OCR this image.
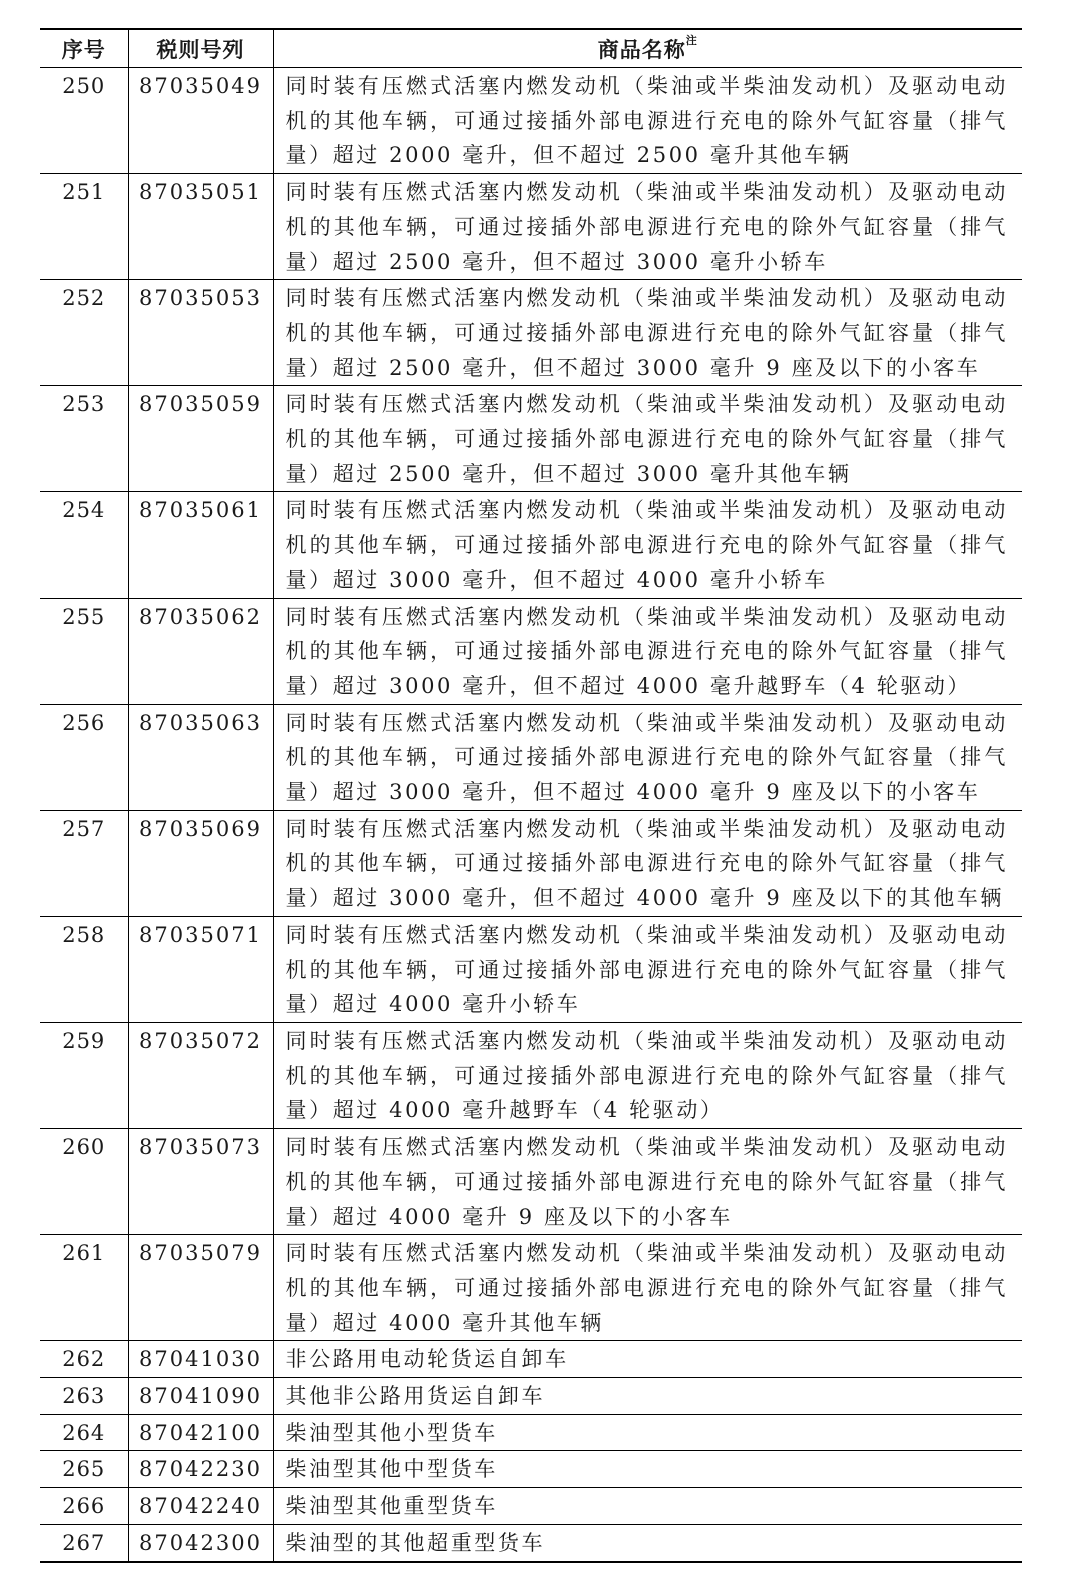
序号	税则号列	商品名称$^注$
250	87035049	同时装有压燃式活塞内燃发动机（柴油或半柴油发动机）及驱动电动机的其他车辆，可通过接插外部电源进行充电的除外气缸容量（排气量）超过 2000 毫升，但不超过 2500 毫升其他车辆
251	87035051	同时装有压燃式活塞内燃发动机（柴油或半柴油发动机）及驱动电动机的其他车辆，可通过接插外部电源进行充电的除外气缸容量（排气量）超过 2500 毫升，但不超过 3000 毫升小轿车
252	87035053	同时装有压燃式活塞内燃发动机（柴油或半柴油发动机）及驱动电动机的其他车辆，可通过接插外部电源进行充电的除外气缸容量（排气量）超过 2500 毫升，但不超过 3000 毫升 9 座及以下的小客车
253	87035059	同时装有压燃式活塞内燃发动机（柴油或半柴油发动机）及驱动电动机的其他车辆，可通过接插外部电源进行充电的除外气缸容量（排气量）超过 2500 毫升，但不超过 3000 毫升其他车辆
254	87035061	同时装有压燃式活塞内燃发动机（柴油或半柴油发动机）及驱动电动机的其他车辆，可通过接插外部电源进行充电的除外气缸容量（排气量）超过 3000 毫升，但不超过 4000 毫升小轿车
255	87035062	同时装有压燃式活塞内燃发动机（柴油或半柴油发动机）及驱动电动机的其他车辆，可通过接插外部电源进行充电的除外气缸容量（排气量）超过 3000 毫升，但不超过 4000 毫升越野车（4 轮驱动）
256	87035063	同时装有压燃式活塞内燃发动机（柴油或半柴油发动机）及驱动电动机的其他车辆，可通过接插外部电源进行充电的除外气缸容量（排气量）超过 3000 毫升，但不超过 4000 毫升 9 座及以下的小客车
257	87035069	同时装有压燃式活塞内燃发动机（柴油或半柴油发动机）及驱动电动机的其他车辆，可通过接插外部电源进行充电的除外气缸容量（排气量）超过 3000 毫升，但不超过 4000 毫升 9 座及以下的其他车辆
258	87035071	同时装有压燃式活塞内燃发动机（柴油或半柴油发动机）及驱动电动机的其他车辆，可通过接插外部电源进行充电的除外气缸容量（排气量）超过 4000 毫升小轿车
259	87035072	同时装有压燃式活塞内燃发动机（柴油或半柴油发动机）及驱动电动机的其他车辆，可通过接插外部电源进行充电的除外气缸容量（排气量）超过 4000 毫升越野车（4 轮驱动）
260	87035073	同时装有压燃式活塞内燃发动机（柴油或半柴油发动机）及驱动电动机的其他车辆，可通过接插外部电源进行充电的除外气缸容量（排气量）超过 4000 毫升 9 座及以下的小客车
261	87035079	同时装有压燃式活塞内燃发动机（柴油或半柴油发动机）及驱动电动机的其他车辆，可通过接插外部电源进行充电的除外气缸容量（排气量）超过 4000 毫升其他车辆
262	87041030	非公路用电动轮货运自卸车
263	87041090	其他非公路用货运自卸车
264	87042100	柴油型其他小型货车
265	87042230	柴油型其他中型货车
266	87042240	柴油型其他重型货车
267	87042300	柴油型的其他超重型货车
